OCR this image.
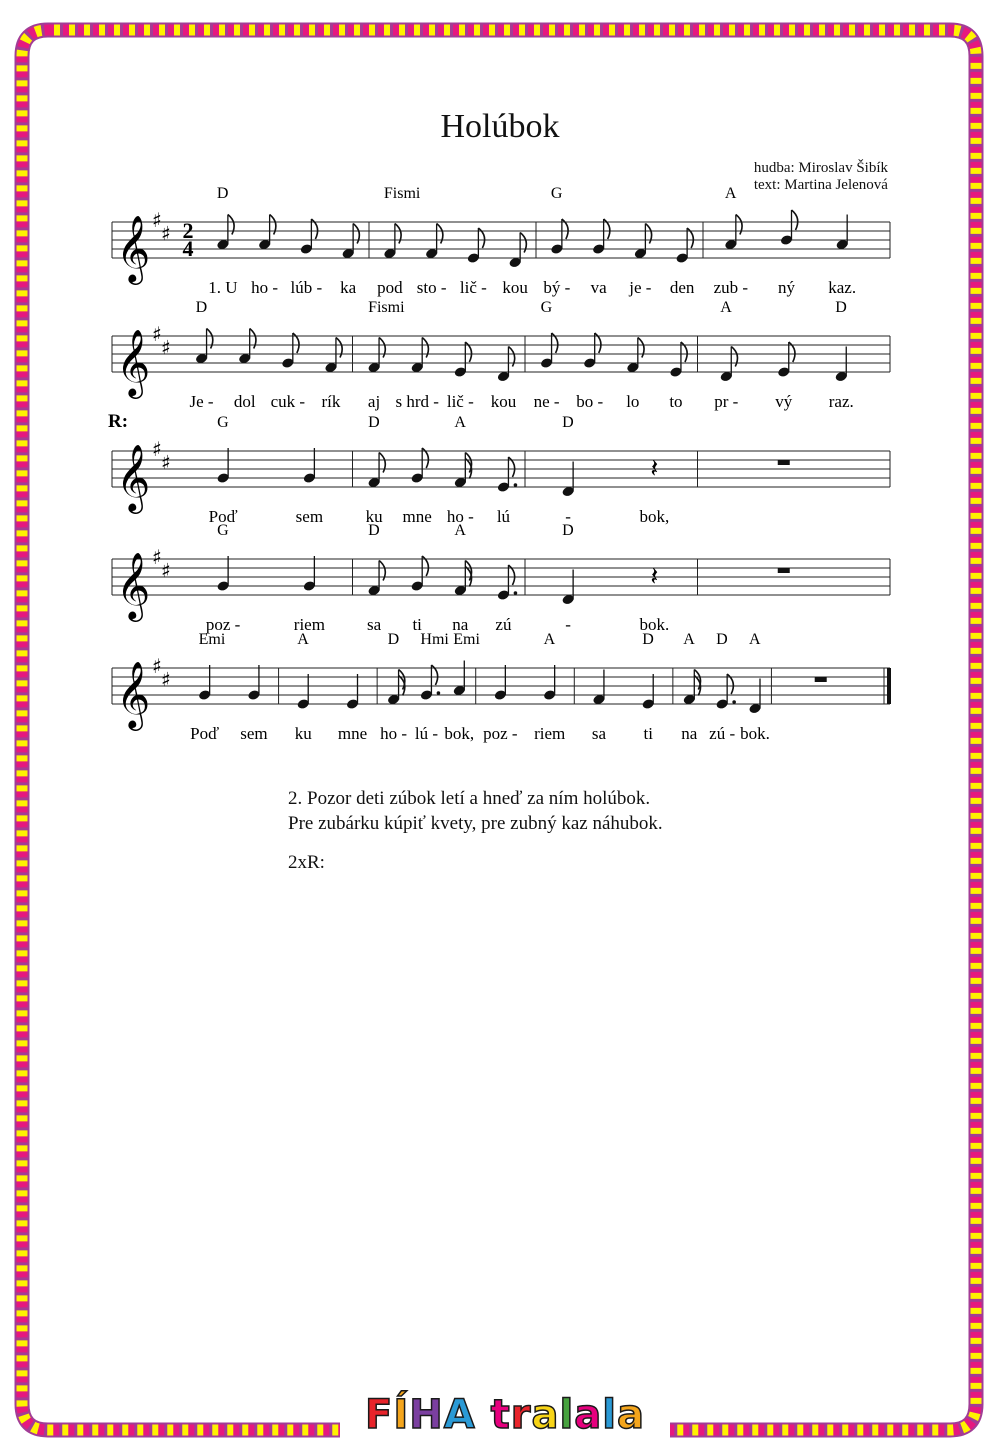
Holúbok
hudba: Miroslav Šibík
text: Martina Jelenová
𝄞 ♯
♯ 2
4
D	Fismi	G	A
1. U ho - lúb - ka pod sto - lič - kou bý - va je - den zub - ný kaz.
𝄞 ♯
♯
D	Fismi	G	A	D
Je - dol cuk - rík aj s hrd - lič - kou ne - bo - lo to pr - vý raz.
𝄞 ♯
♯
R:
𝄽
G	D	A	D
Poď	sem ku mne ho - lú	-	bok,
𝄞 ♯
♯	𝄽
G	D	A	D
poz -	riem sa ti na zú	-	bok.
𝄞 ♯
♯
Emi	A	D Hmi Emi	A	D A D A
Poď sem ku mne ho - lú - bok, poz - riem sa ti na zú - bok.
2. Pozor deti zúbok letí a hneď za ním holúbok.
Pre zubárku kúpiť kvety, pre zubný kaz náhubok.
2xR:
FÍHA tralala
